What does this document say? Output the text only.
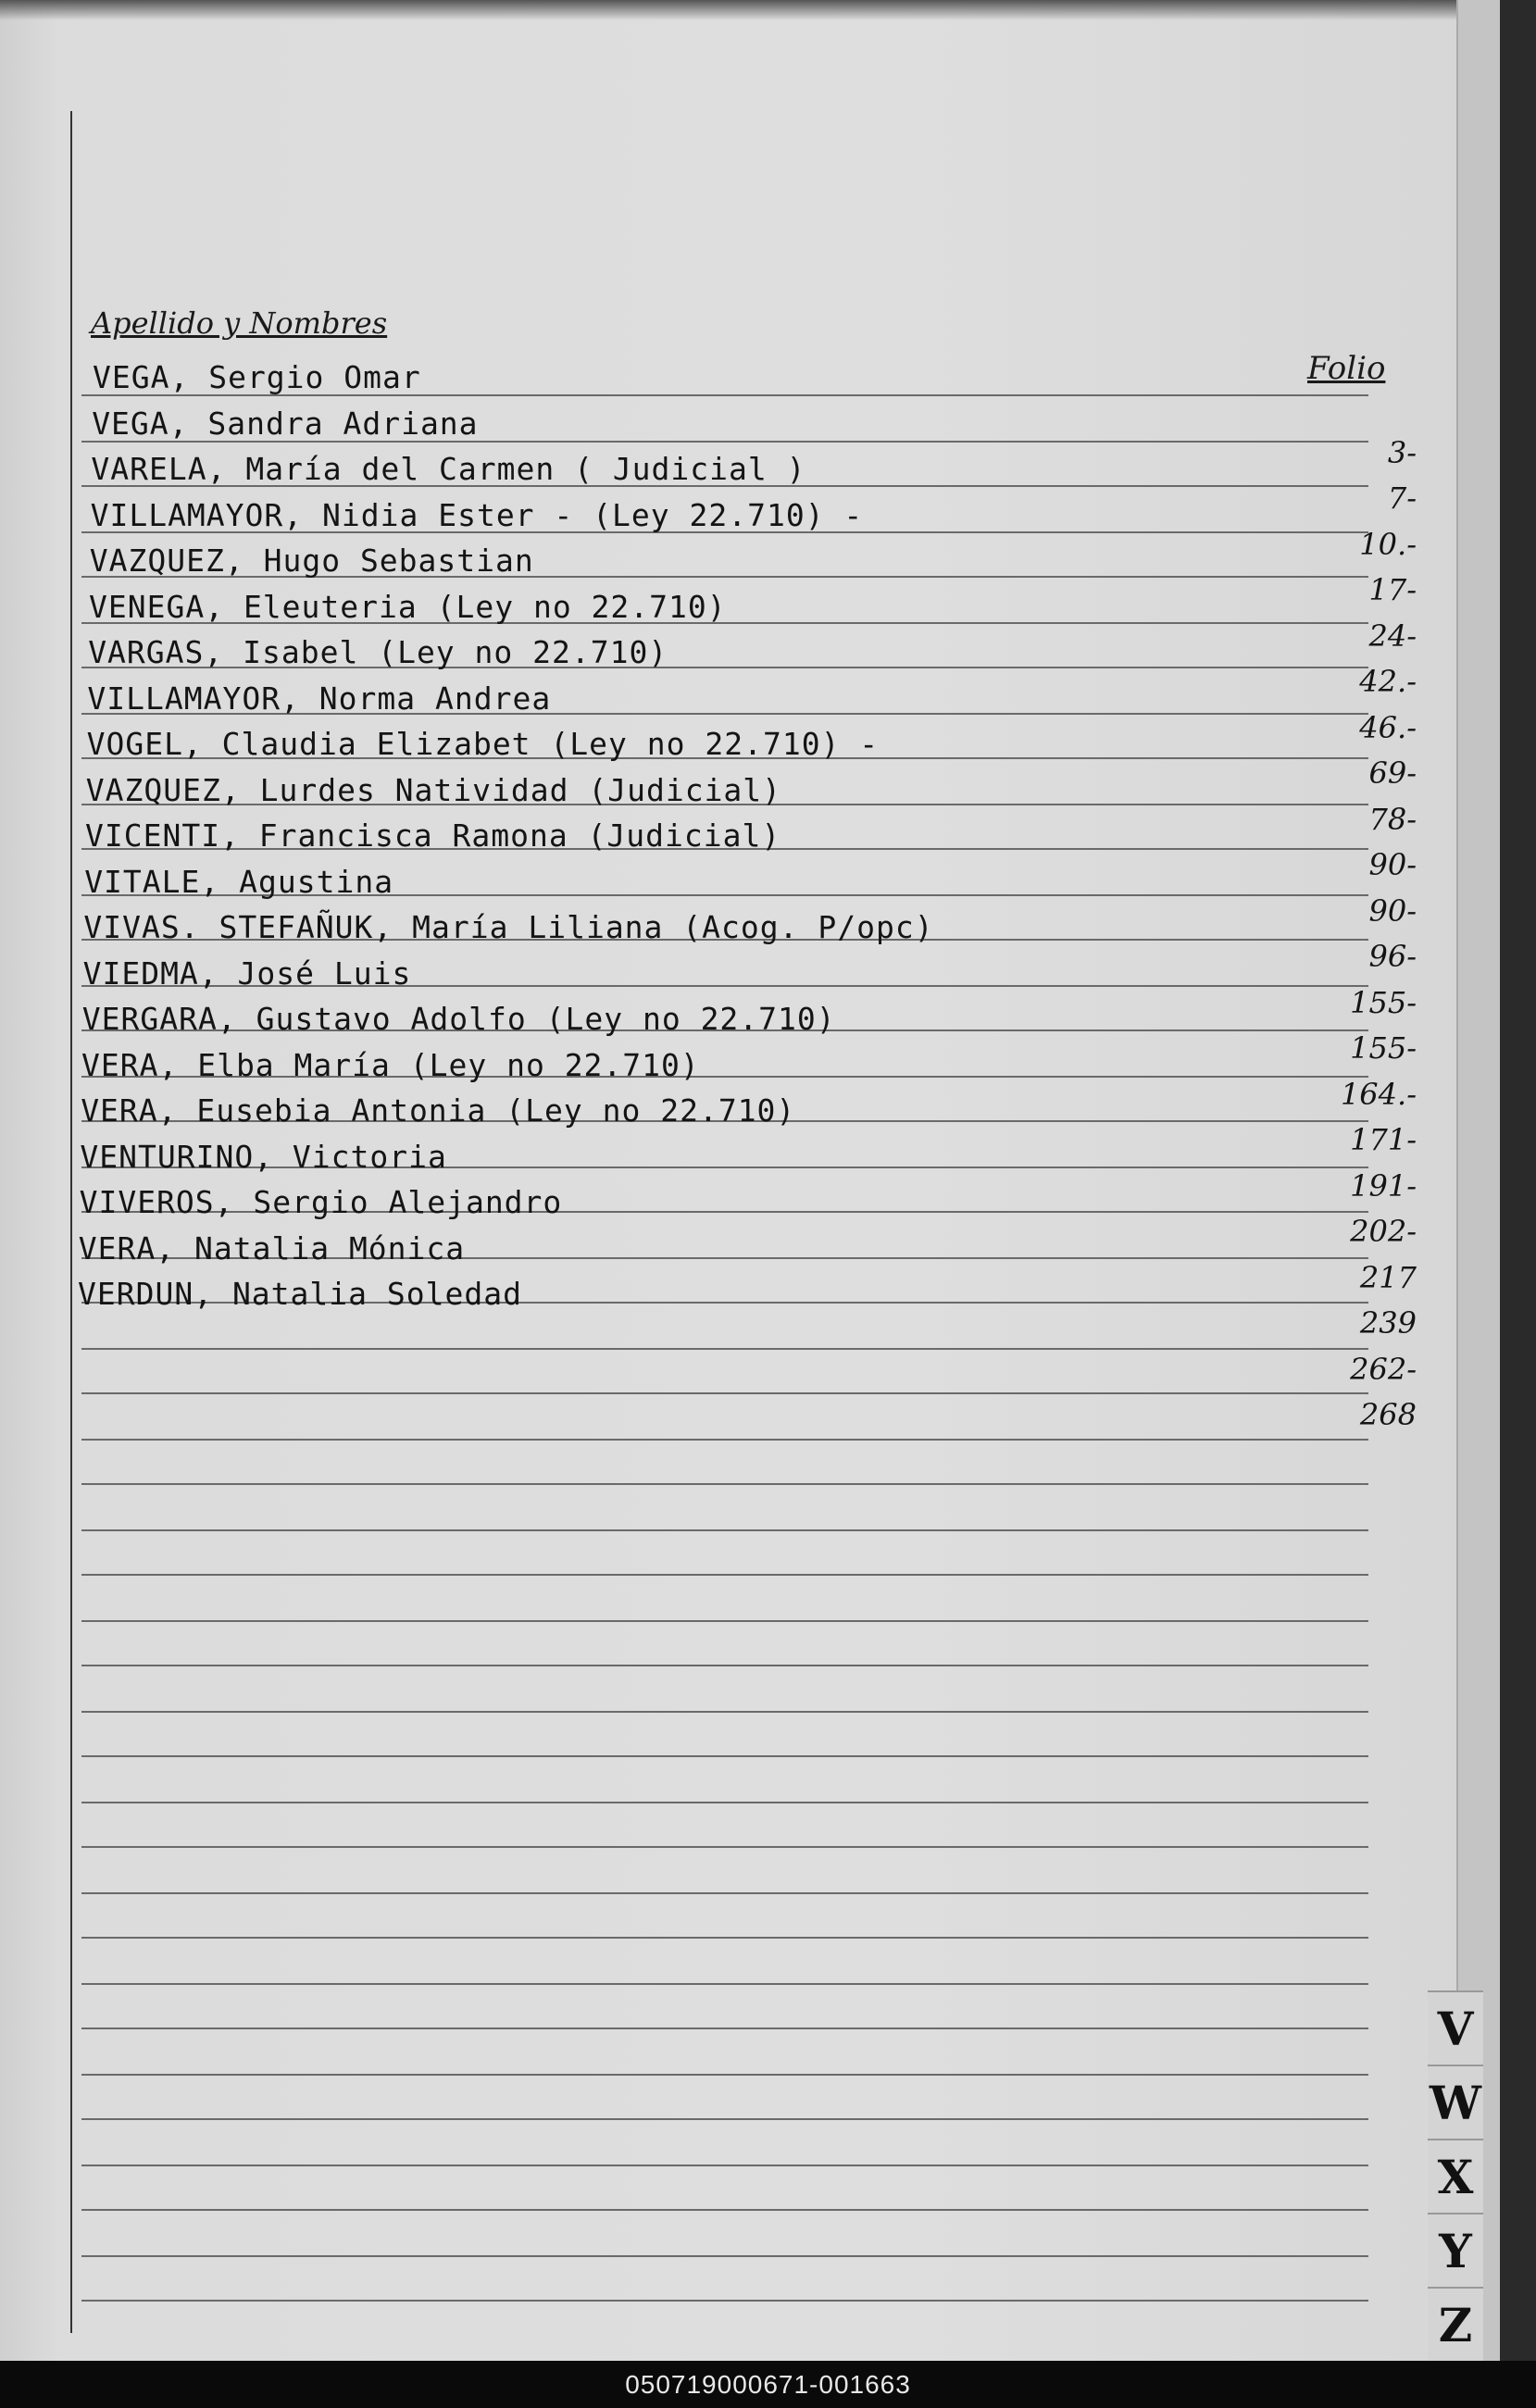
Apellido y Nombres
Folio
VEGA, Sergio Omar
VEGA, Sandra Adriana
3-
VARELA, María del Carmen ( Judicial )
7-
VILLAMAYOR, Nidia Ester - (Ley 22.710) -
10.-
VAZQUEZ, Hugo Sebastian
17-
VENEGA, Eleuteria (Ley no 22.710)
24-
VARGAS, Isabel (Ley no 22.710)
42.-
VILLAMAYOR, Norma Andrea
46.-
VOGEL, Claudia Elizabet (Ley no 22.710) -
69-
VAZQUEZ, Lurdes Natividad (Judicial)
78-
VICENTI, Francisca Ramona (Judicial)
90-
VITALE, Agustina
90-
VIVAS. STEFAÑUK, María Liliana (Acog. P/opc)
96-
VIEDMA, José Luis
155-
VERGARA, Gustavo Adolfo (Ley no 22.710)
155-
VERA, Elba María (Ley no 22.710)
164.-
VERA, Eusebia Antonia (Ley no 22.710)
171-
VENTURINO, Victoria
191-
VIVEROS, Sergio Alejandro
202-
VERA, Natalia Mónica
217
VERDUN, Natalia Soledad
239
262-
268
V
W
X
Y
Z
050719000671-001663
